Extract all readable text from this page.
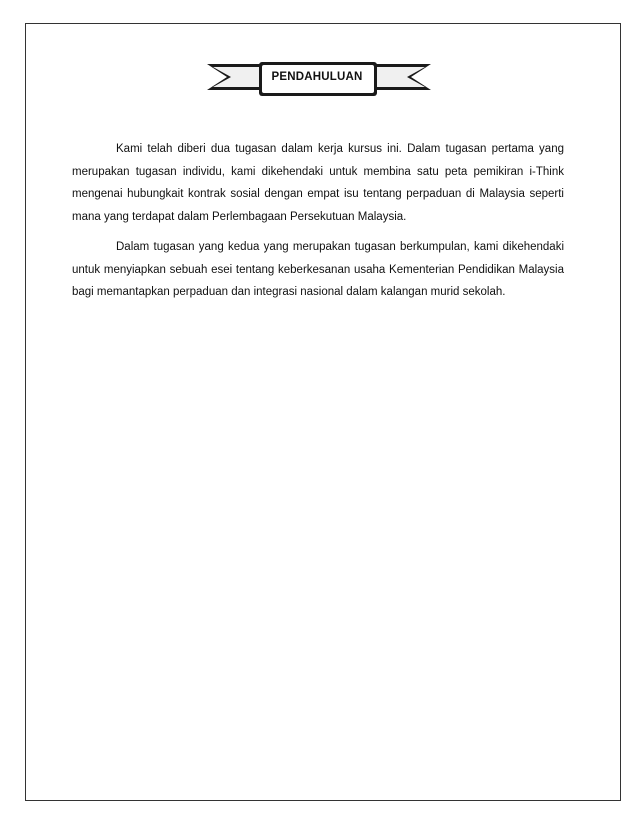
PENDAHULUAN

Kami telah diberi dua tugasan dalam kerja kursus ini. Dalam tugasan pertama yang merupakan tugasan individu, kami dikehendaki untuk membina satu peta pemikiran i-Think mengenai hubungkait kontrak sosial dengan empat isu tentang perpaduan di Malaysia seperti mana yang terdapat dalam Perlembagaan Persekutuan Malaysia.

Dalam tugasan yang kedua yang merupakan tugasan berkumpulan, kami dikehendaki untuk menyiapkan sebuah esei tentang keberkesanan usaha Kementerian Pendidikan Malaysia bagi memantapkan perpaduan dan integrasi nasional dalam kalangan murid sekolah.
